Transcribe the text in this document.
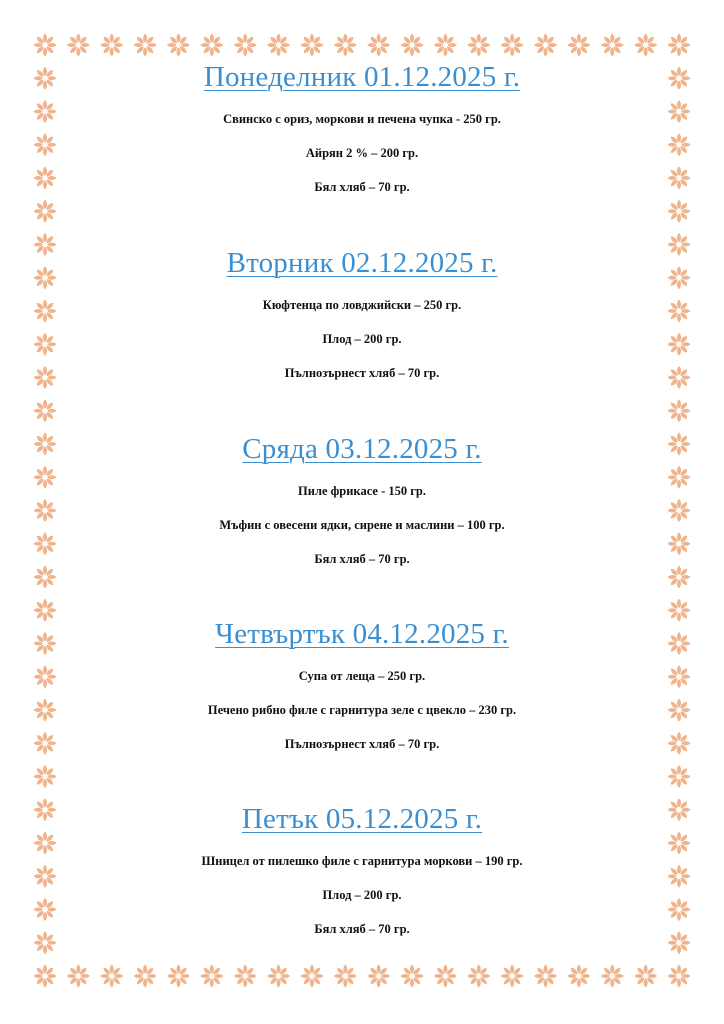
Понеделник 01.12.2025 г.

Свинско с ориз, моркови и печена чупка - 250 гр.

Айрян 2 % – 200 гр.

Бял хляб – 70 гр.

Вторник 02.12.2025 г.

Кюфтенца по ловджийски – 250 гр.

Плод – 200 гр.

Пълнозърнест хляб – 70 гр.

Сряда 03.12.2025 г.

Пиле фрикасе - 150 гр.

Мъфин с овесени ядки, сирене и маслини – 100 гр.

Бял хляб – 70 гр.

Четвъртък 04.12.2025 г.

Супа от леща – 250 гр.

Печено рибно филе с гарнитура зеле с цвекло – 230 гр.

Пълнозърнест хляб – 70 гр.

Петък 05.12.2025 г.

Шницел от пилешко филе с гарнитура моркови – 190 гр.

Плод – 200 гр.

Бял хляб – 70 гр.
